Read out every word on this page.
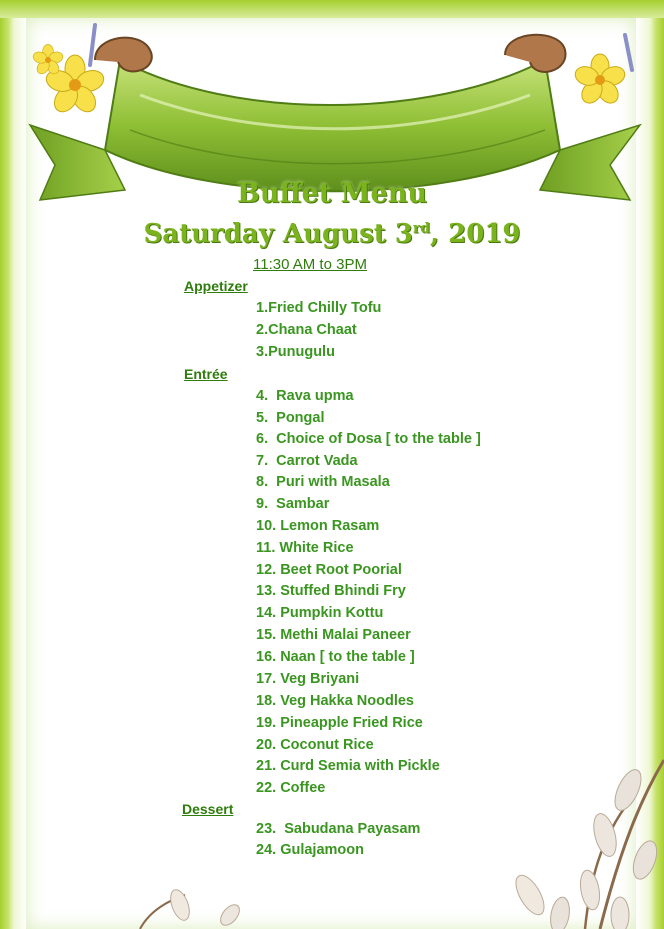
Buffet Menu
Saturday August 3rd, 2019
11:30 AM to 3PM
Appetizer
1.Fried Chilly Tofu
2.Chana Chaat
3.Punugulu
Entrée
4. Rava upma
5. Pongal
6. Choice of Dosa [ to the table ]
7. Carrot Vada
8. Puri with Masala
9. Sambar
10. Lemon Rasam
11. White Rice
12. Beet Root Poorial
13. Stuffed Bhindi Fry
14. Pumpkin Kottu
15. Methi Malai Paneer
16. Naan [ to the table ]
17. Veg Briyani
18. Veg Hakka Noodles
19. Pineapple Fried Rice
20. Coconut Rice
21. Curd Semia with Pickle
22. Coffee
Dessert
23. Sabudana Payasam
24. Gulajamoon
